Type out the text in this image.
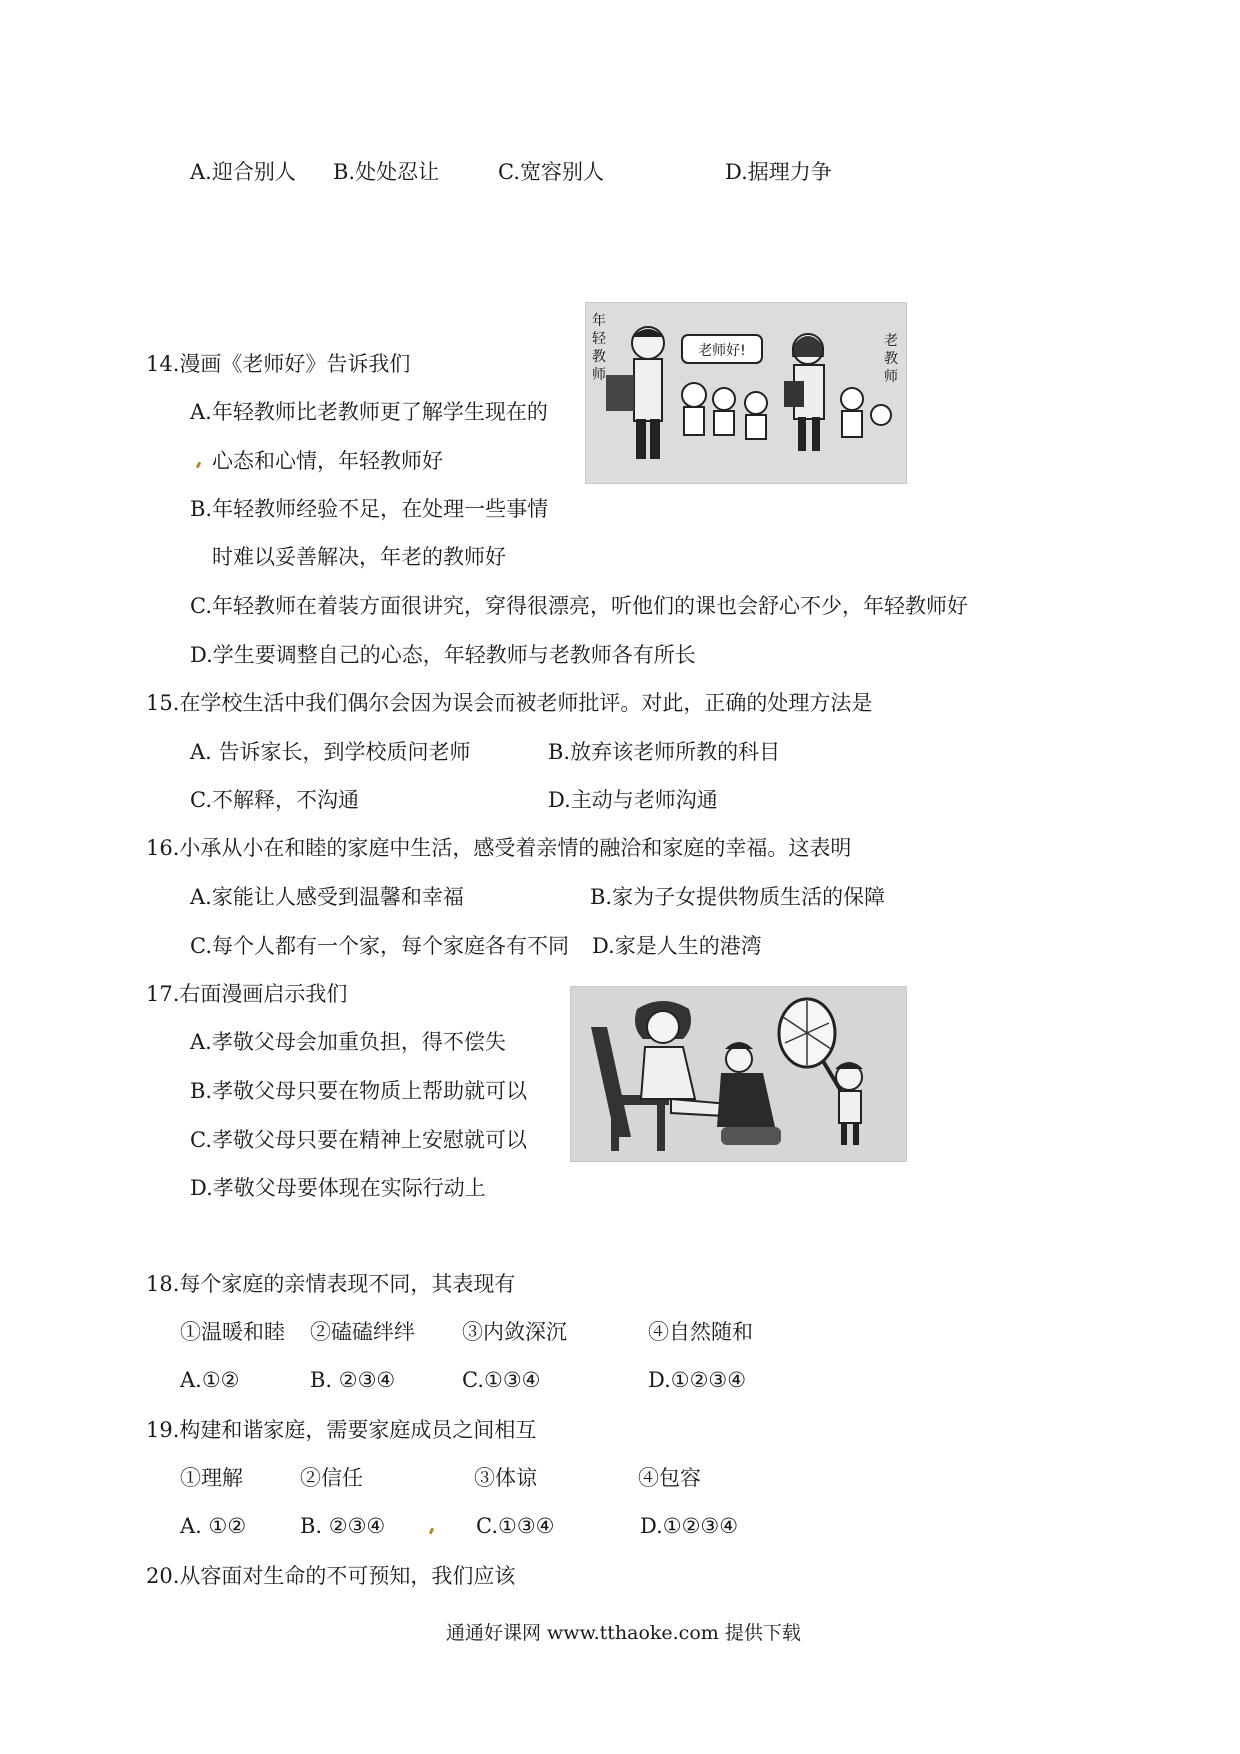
A.迎合别人 B.处处忍让	C.宽容别人	D.据理力争
老师好!
年轻教师
老教师
14.漫画《老师好》告诉我们
A.年轻教师比老教师更了解学生现在的
心态和心情，年轻教师好
B.年轻教师经验不足，在处理一些事情
时难以妥善解决，年老的教师好
C.年轻教师在着装方面很讲究，穿得很漂亮，听他们的课也会舒心不少，年轻教师好
D.学生要调整自己的心态，年轻教师与老教师各有所长
15.在学校生活中我们偶尔会因为误会而被老师批评。对此，正确的处理方法是
A. 告诉家长，到学校质问老师	B.放弃该老师所教的科目
C.不解释，不沟通	D.主动与老师沟通
16.小承从小在和睦的家庭中生活，感受着亲情的融洽和家庭的幸福。这表明
A.家能让人感受到温馨和幸福	B.家为子女提供物质生活的保障
C.每个人都有一个家，每个家庭各有不同 D.家是人生的港湾
17.右面漫画启示我们
A.孝敬父母会加重负担，得不偿失
B.孝敬父母只要在物质上帮助就可以
C.孝敬父母只要在精神上安慰就可以
D.孝敬父母要体现在实际行动上
18.每个家庭的亲情表现不同，其表现有
①温暖和睦 ②磕磕绊绊 ③内敛深沉	④自然随和
A.①②	B. ②③④	C.①③④	D.①②③④
19.构建和谐家庭，需要家庭成员之间相互
①理解	②信任	③体谅	④包容
A. ①②	B. ②③④	C.①③④	D.①②③④
20.从容面对生命的不可预知，我们应该
通通好课网 www.tthaoke.com 提供下载
